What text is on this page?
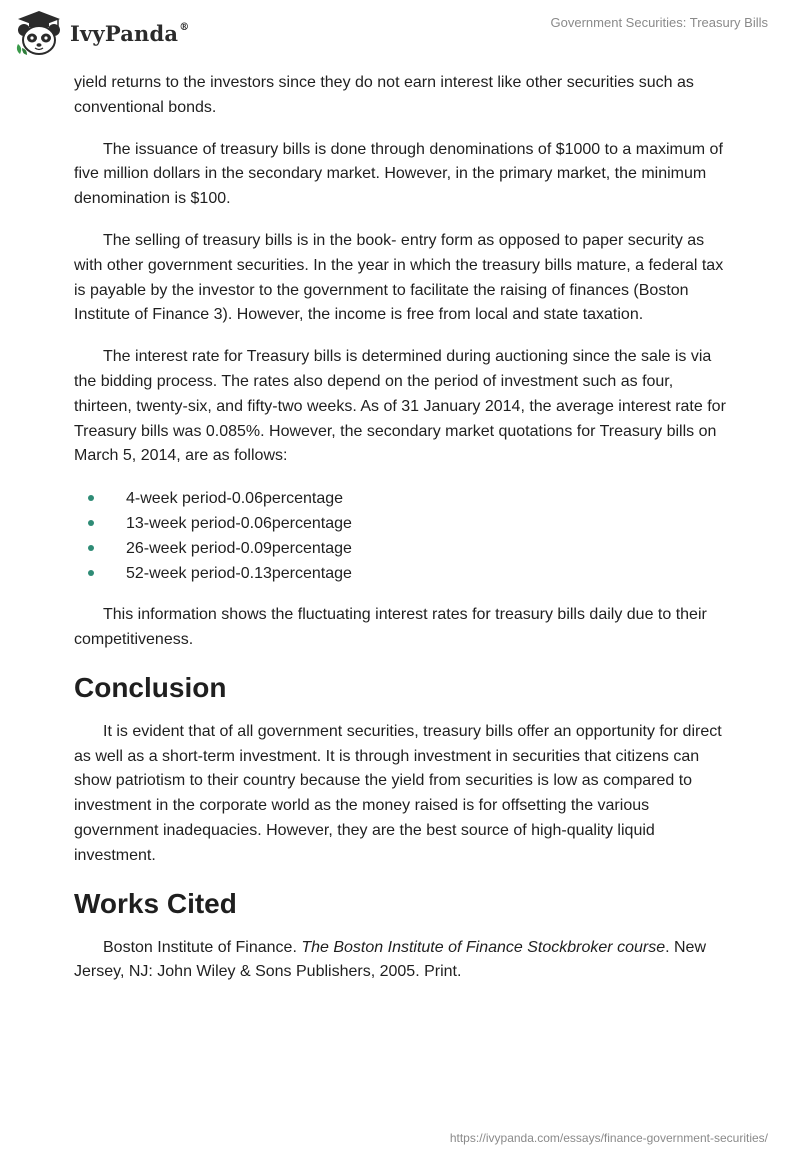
IvyPanda®	Government Securities: Treasury Bills

yield returns to the investors since they do not earn interest like other securities such as conventional bonds.

The issuance of treasury bills is done through denominations of $1000 to a maximum of five million dollars in the secondary market. However, in the primary market, the minimum denomination is $100.

The selling of treasury bills is in the book- entry form as opposed to paper security as with other government securities. In the year in which the treasury bills mature, a federal tax is payable by the investor to the government to facilitate the raising of finances (Boston Institute of Finance 3). However, the income is free from local and state taxation.

The interest rate for Treasury bills is determined during auctioning since the sale is via the bidding process. The rates also depend on the period of investment such as four, thirteen, twenty-six, and fifty-two weeks. As of 31 January 2014, the average interest rate for Treasury bills was 0.085%. However, the secondary market quotations for Treasury bills on March 5, 2014, are as follows:

4-week period-0.06percentage
13-week period-0.06percentage
26-week period-0.09percentage
52-week period-0.13percentage

This information shows the fluctuating interest rates for treasury bills daily due to their competitiveness.

Conclusion

It is evident that of all government securities, treasury bills offer an opportunity for direct as well as a short-term investment. It is through investment in securities that citizens can show patriotism to their country because the yield from securities is low as compared to investment in the corporate world as the money raised is for offsetting the various government inadequacies. However, they are the best source of high-quality liquid investment.

Works Cited

Boston Institute of Finance. The Boston Institute of Finance Stockbroker course. New Jersey, NJ: John Wiley & Sons Publishers, 2005. Print.

https://ivypanda.com/essays/finance-government-securities/
